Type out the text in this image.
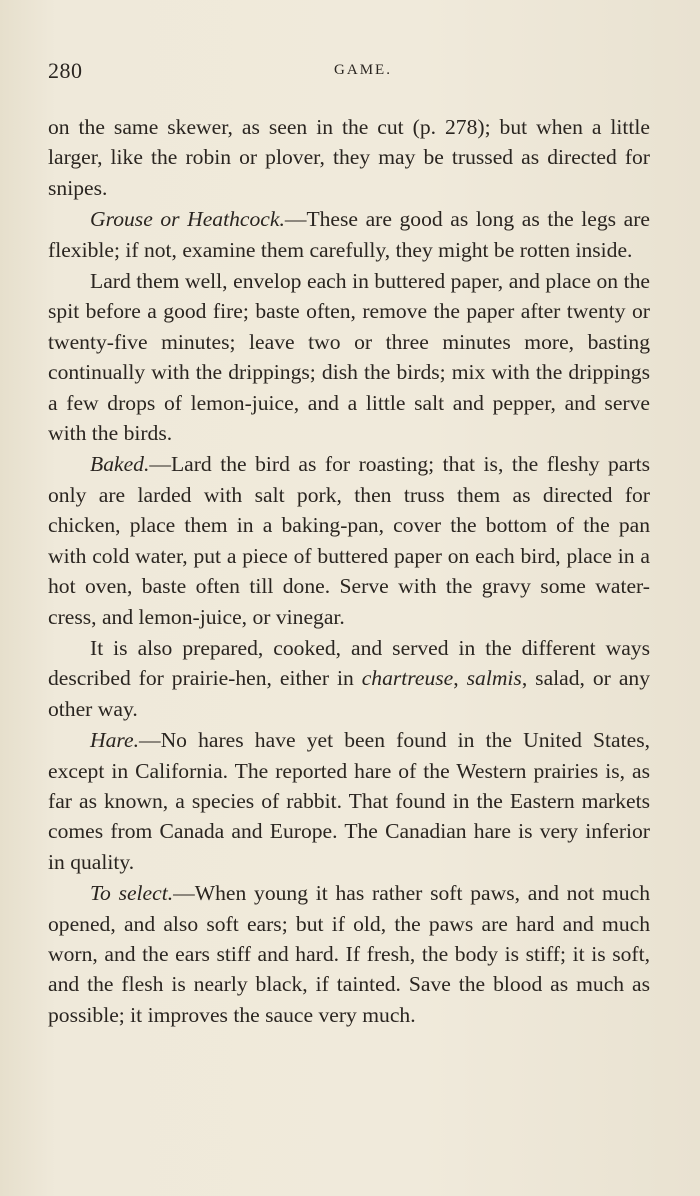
280	GAME.

on the same skewer, as seen in the cut (p. 278); but when a little larger, like the robin or plover, they may be trussed as directed for snipes.

Grouse or Heathcock.—These are good as long as the legs are flexible; if not, examine them carefully, they might be rotten inside.

Lard them well, envelop each in buttered paper, and place on the spit before a good fire; baste often, remove the paper after twenty or twenty-five minutes; leave two or three minutes more, basting continually with the drippings; dish the birds; mix with the drippings a few drops of lemon-juice, and a little salt and pepper, and serve with the birds.

Baked.—Lard the bird as for roasting; that is, the fleshy parts only are larded with salt pork, then truss them as directed for chicken, place them in a baking-pan, cover the bottom of the pan with cold water, put a piece of buttered paper on each bird, place in a hot oven, baste often till done. Serve with the gravy some water-cress, and lemon-juice, or vinegar.

It is also prepared, cooked, and served in the different ways described for prairie-hen, either in chartreuse, salmis, salad, or any other way.

Hare.—No hares have yet been found in the United States, except in California. The reported hare of the Western prairies is, as far as known, a species of rabbit. That found in the Eastern markets comes from Canada and Europe. The Canadian hare is very inferior in quality.

To select.—When young it has rather soft paws, and not much opened, and also soft ears; but if old, the paws are hard and much worn, and the ears stiff and hard. If fresh, the body is stiff; it is soft, and the flesh is nearly black, if tainted. Save the blood as much as possible; it improves the sauce very much.
